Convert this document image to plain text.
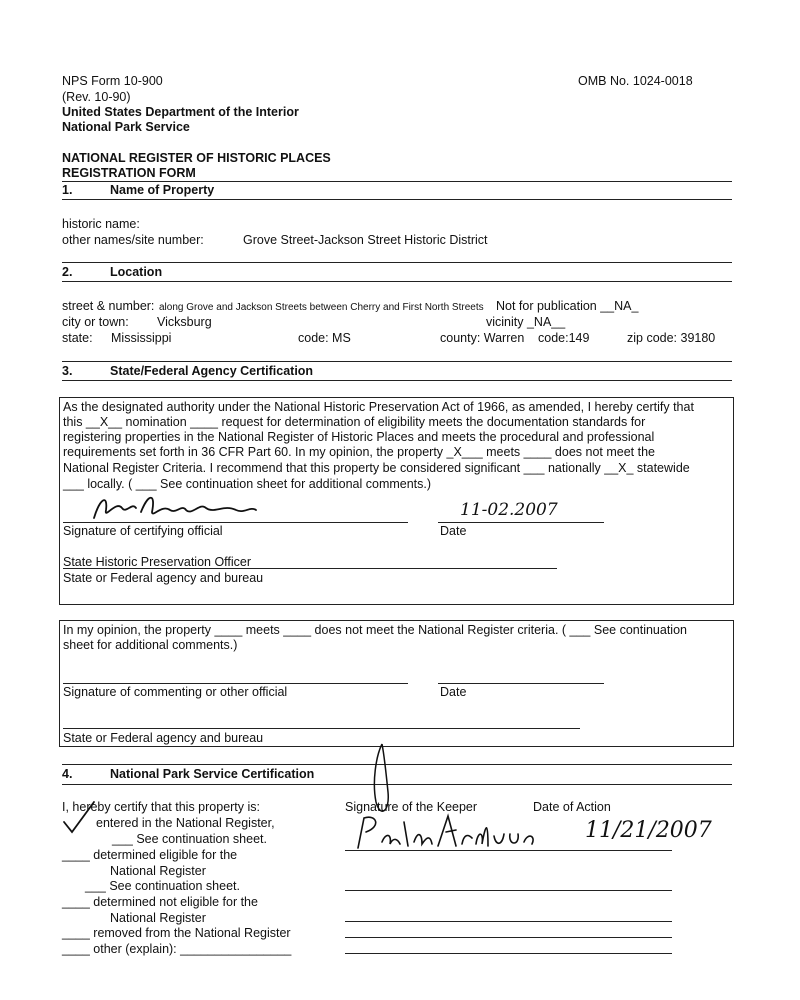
NPS Form 10-900
(Rev. 10-90)
United States Department of the Interior
National Park Service
OMB No. 1024-0018
NATIONAL REGISTER OF HISTORIC PLACES
REGISTRATION FORM
1.	Name of Property
historic name:
other names/site number:	Grove Street-Jackson Street Historic District
2.	Location
street & number: along Grove and Jackson Streets between Cherry and First North Streets Not for publication __NA_
city or town: Vicksburg	vicinity _NA__
state: Mississippi	code: MS	county: Warren code:149	zip code: 39180
3.	State/Federal Agency Certification
As the designated authority under the National Historic Preservation Act of 1966, as amended, I hereby certify that
this __X__ nomination ____ request for determination of eligibility meets the documentation standards for
registering properties in the National Register of Historic Places and meets the procedural and professional
requirements set forth in 36 CFR Part 60. In my opinion, the property _X___ meets ____ does not meet the
National Register Criteria. I recommend that this property be considered significant ___ nationally __X_ statewide
___ locally. ( ___ See continuation sheet for additional comments.)
Signature of certifying official
11-02.2007
Date
State Historic Preservation Officer
State or Federal agency and bureau
In my opinion, the property ____ meets ____ does not meet the National Register criteria. ( ___ See continuation
sheet for additional comments.)
Signature of commenting or other official	Date
State or Federal agency and bureau
4.	National Park Service Certification
I, hereby certify that this property is:	Signature of the Keeper	Date of Action
entered in the National Register,
___ See continuation sheet.
____ determined eligible for the
National Register
___ See continuation sheet.
____ determined not eligible for the
National Register
____ removed from the National Register
____ other (explain): ________________
11/21/2007
